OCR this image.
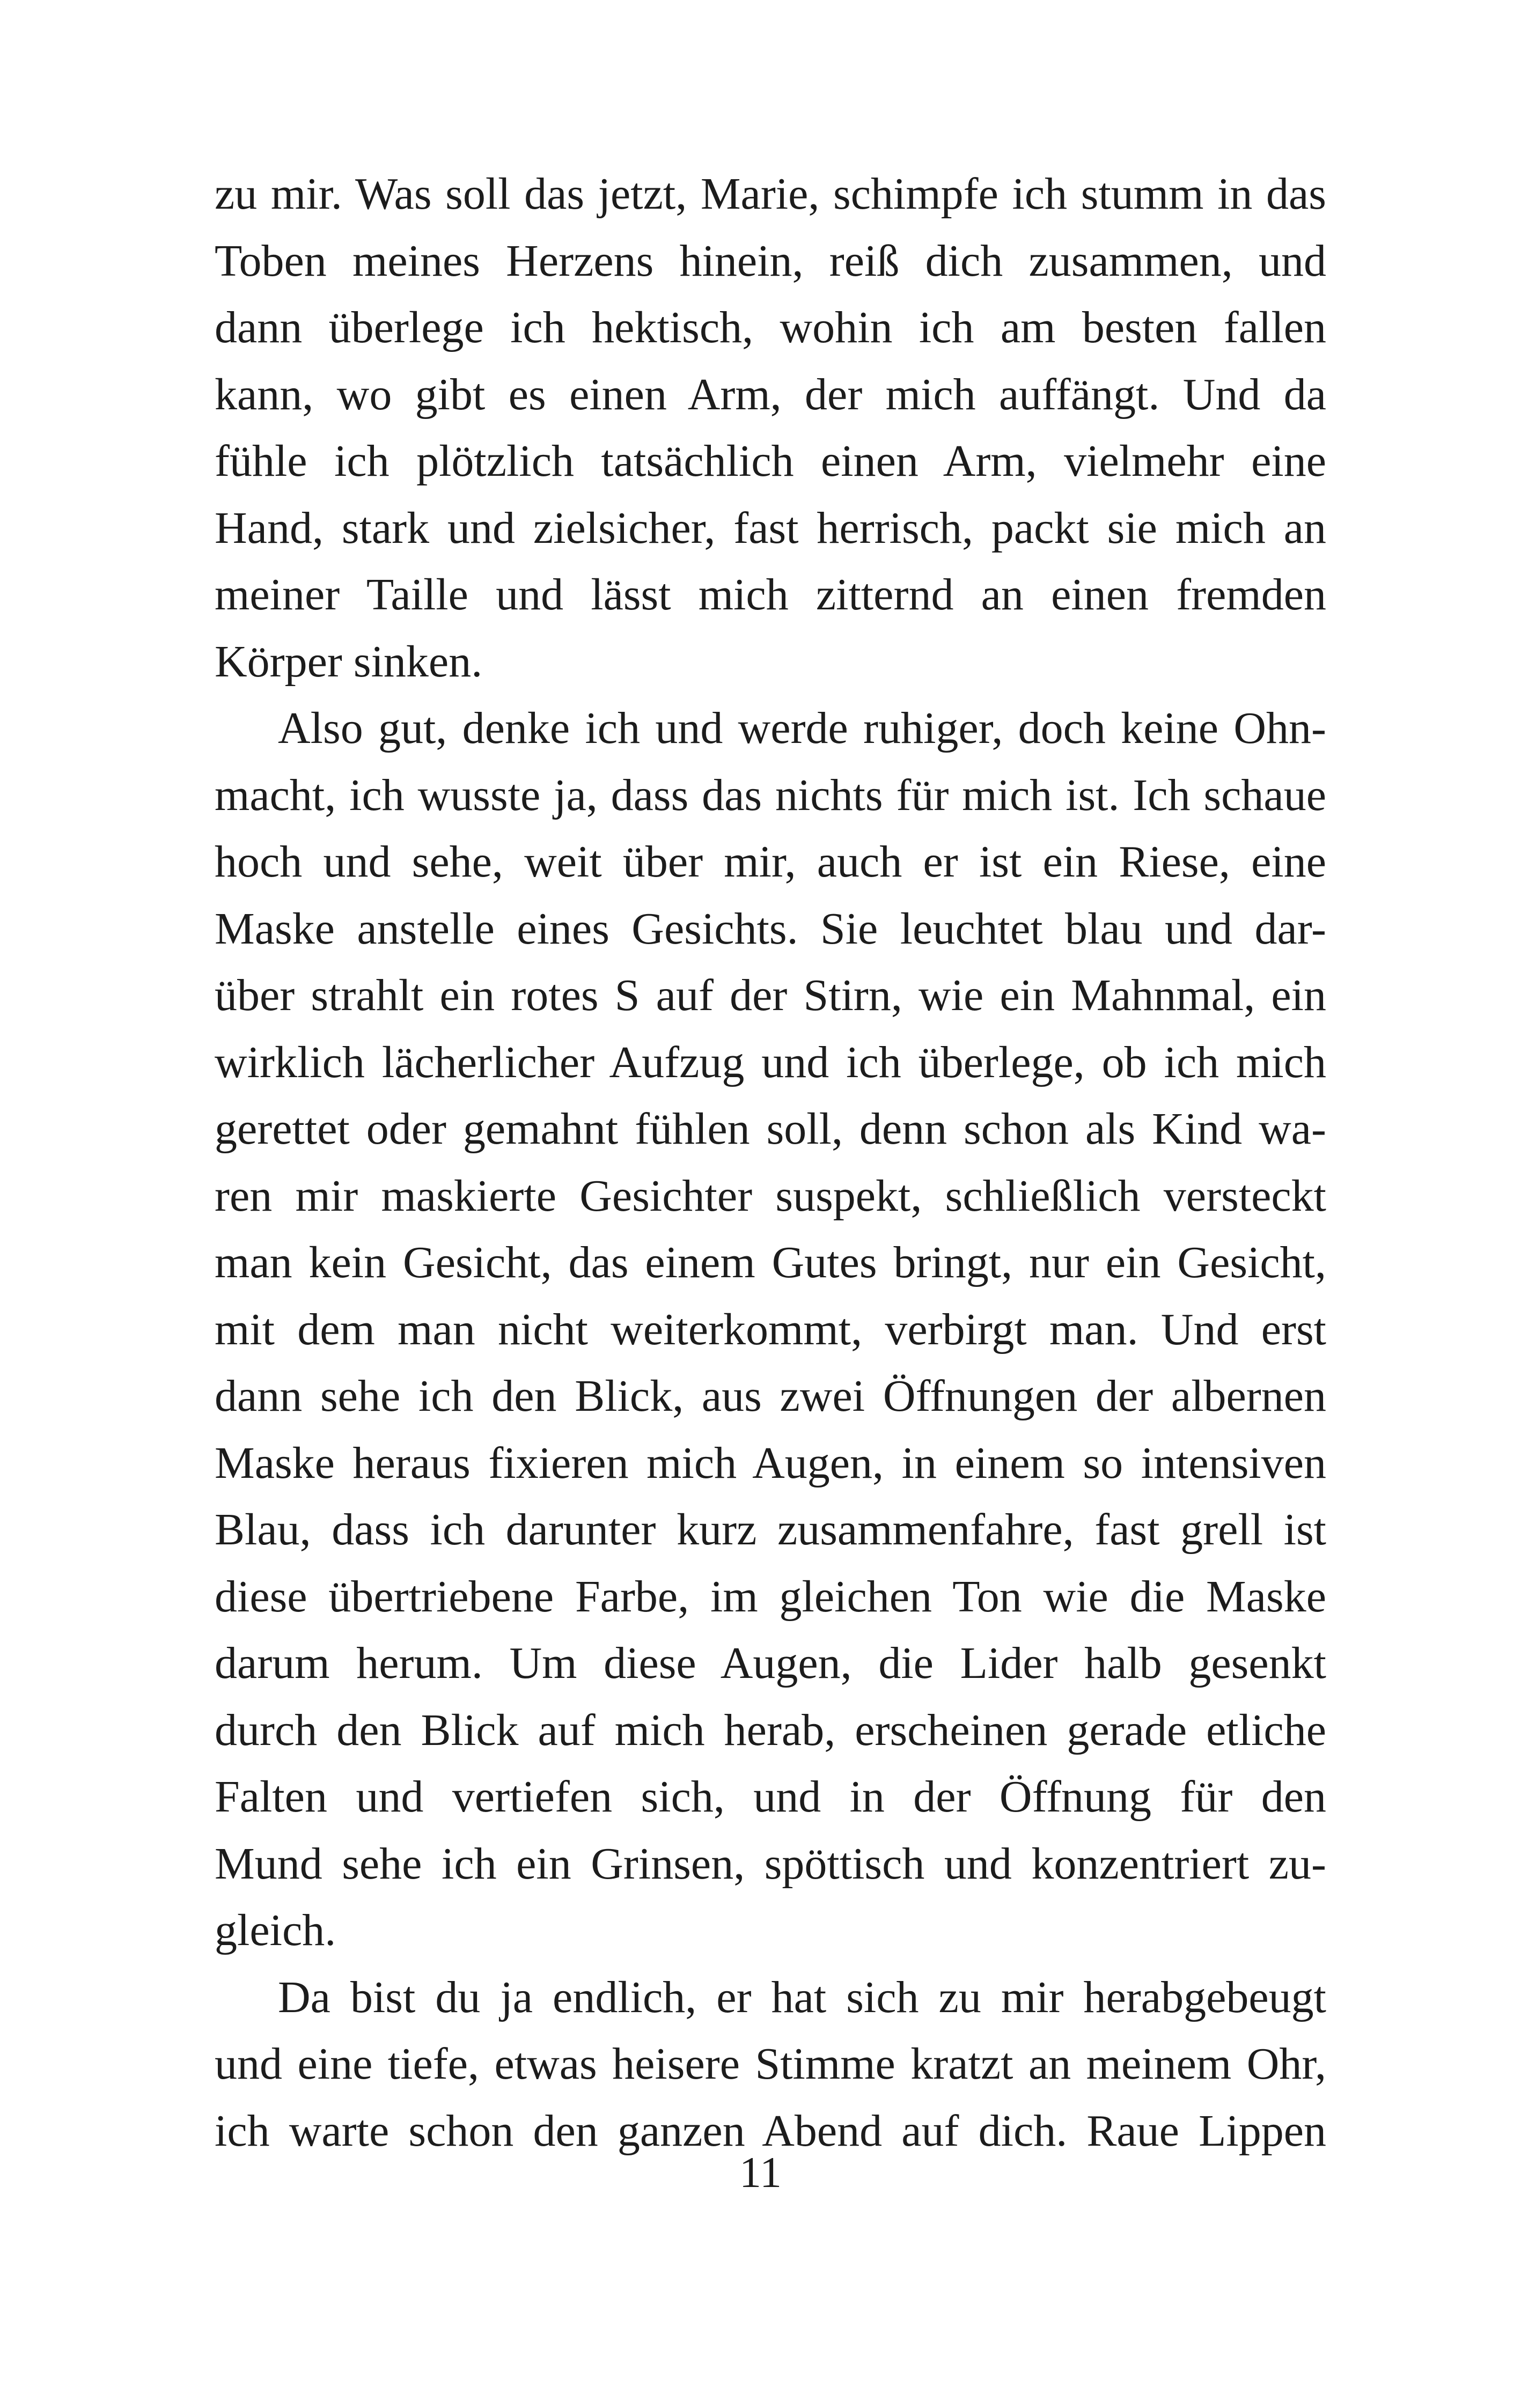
zu mir. Was soll das jetzt, Marie, schimpfe ich stumm in das
Toben meines Herzens hinein, reiß dich zusammen, und
dann überlege ich hektisch, wohin ich am besten fallen
kann, wo gibt es einen Arm, der mich auffängt. Und da
fühle ich plötzlich tatsächlich einen Arm, vielmehr eine
Hand, stark und zielsicher, fast herrisch, packt sie mich an
meiner Taille und lässt mich zitternd an einen fremden
Körper sinken.
Also gut, denke ich und werde ruhiger, doch keine Ohn-
macht, ich wusste ja, dass das nichts für mich ist. Ich schaue
hoch und sehe, weit über mir, auch er ist ein Riese, eine
Maske anstelle eines Gesichts. Sie leuchtet blau und dar-
über strahlt ein rotes S auf der Stirn, wie ein Mahnmal, ein
wirklich lächerlicher Aufzug und ich überlege, ob ich mich
gerettet oder gemahnt fühlen soll, denn schon als Kind wa-
ren mir maskierte Gesichter suspekt, schließlich versteckt
man kein Gesicht, das einem Gutes bringt, nur ein Gesicht,
mit dem man nicht weiterkommt, verbirgt man. Und erst
dann sehe ich den Blick, aus zwei Öffnungen der albernen
Maske heraus fixieren mich Augen, in einem so intensiven
Blau, dass ich darunter kurz zusammenfahre, fast grell ist
diese übertriebene Farbe, im gleichen Ton wie die Maske
darum herum. Um diese Augen, die Lider halb gesenkt
durch den Blick auf mich herab, erscheinen gerade etliche
Falten und vertiefen sich, und in der Öffnung für den
Mund sehe ich ein Grinsen, spöttisch und konzentriert zu-
gleich.
Da bist du ja endlich, er hat sich zu mir herabgebeugt
und eine tiefe, etwas heisere Stimme kratzt an meinem Ohr,
ich warte schon den ganzen Abend auf dich. Raue Lippen
11
